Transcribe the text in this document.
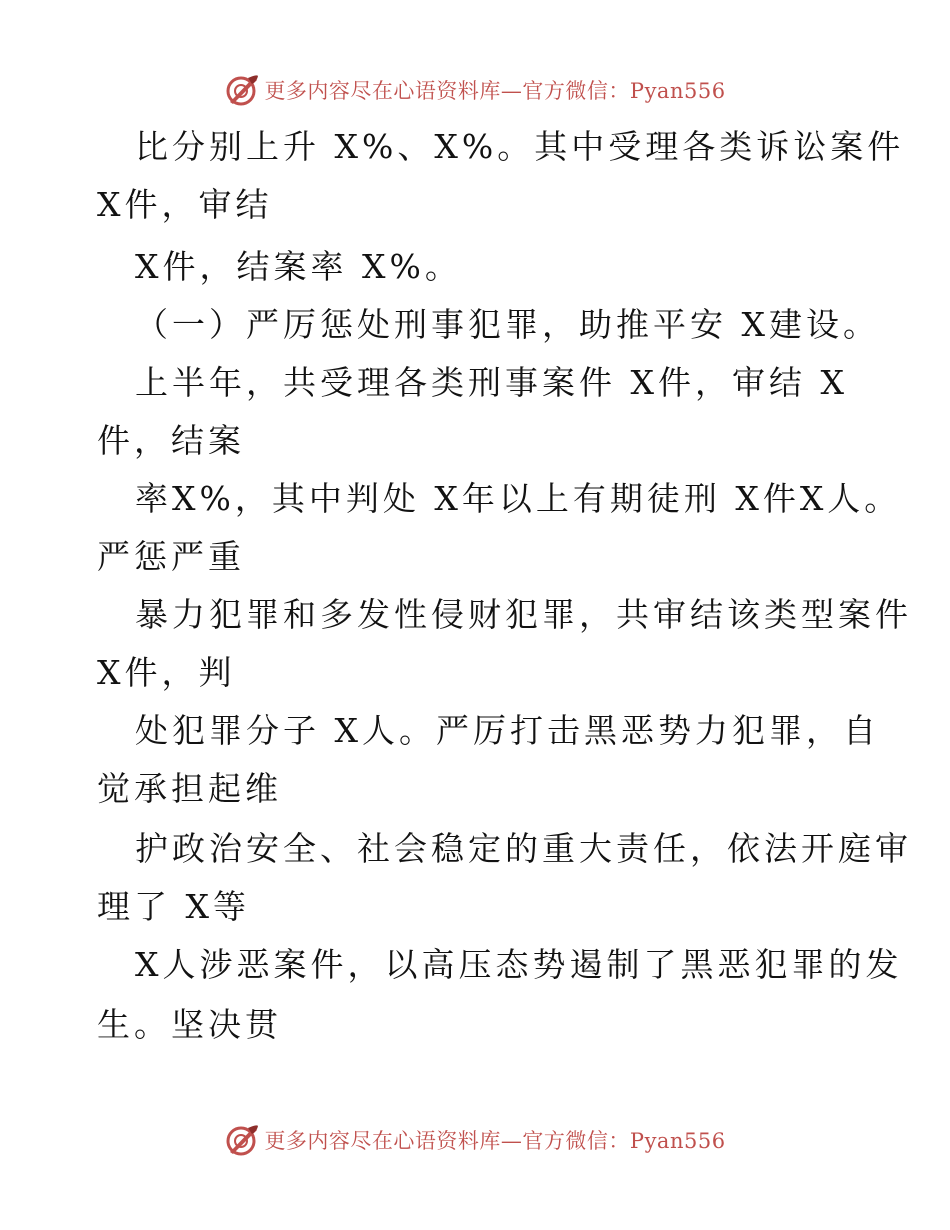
更多内容尽在心语资料库—官方微信：Pyan556
比分别上升 X%、X%。其中受理各类诉讼案件
X件，审结
X件，结案率 X%。
（一）严厉惩处刑事犯罪，助推平安 X建设。
上半年，共受理各类刑事案件 X件，审结 X
件，结案
率X%，其中判处 X年以上有期徒刑 X件X人。
严惩严重
暴力犯罪和多发性侵财犯罪，共审结该类型案件
X件，判
处犯罪分子 X人。严厉打击黑恶势力犯罪，自
觉承担起维
护政治安全、社会稳定的重大责任，依法开庭审
理了 X等
X人涉恶案件，以高压态势遏制了黑恶犯罪的发
生。坚决贯
更多内容尽在心语资料库—官方微信：Pyan556
